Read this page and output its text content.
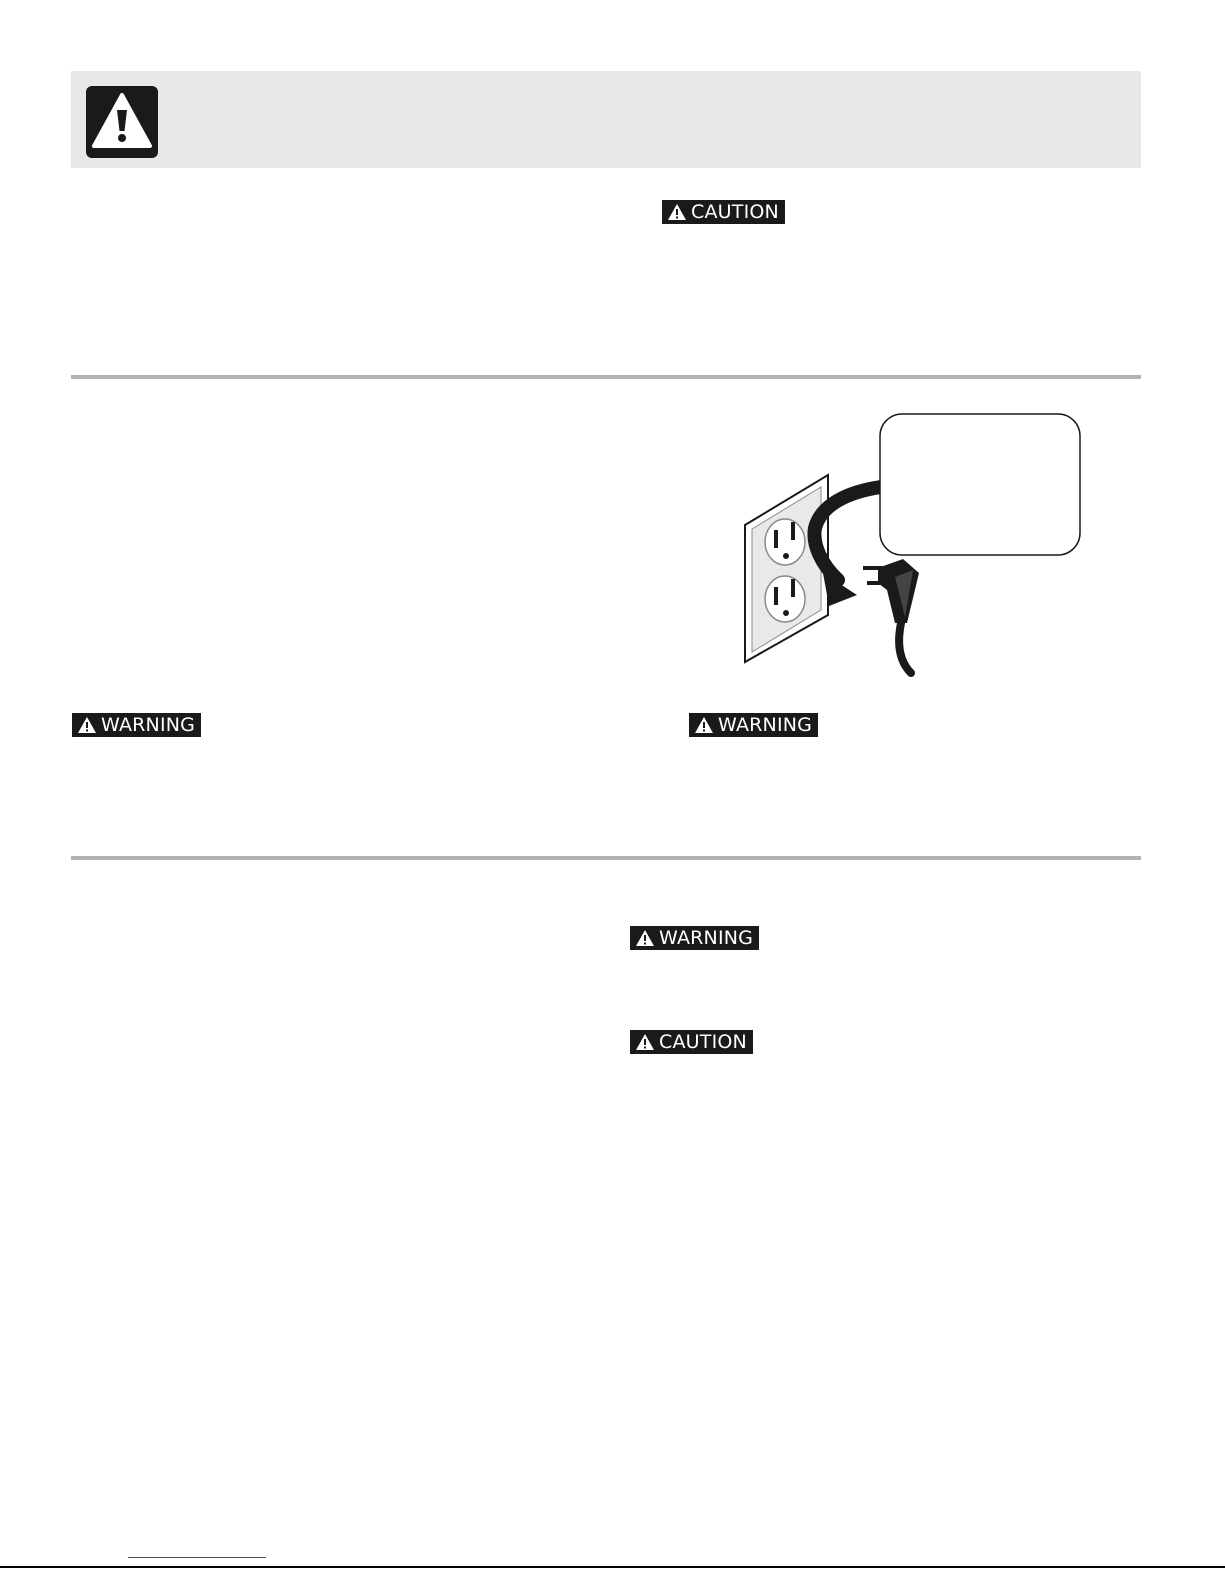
CAUTION
WARNING	WARNING
WARNING
CAUTION
